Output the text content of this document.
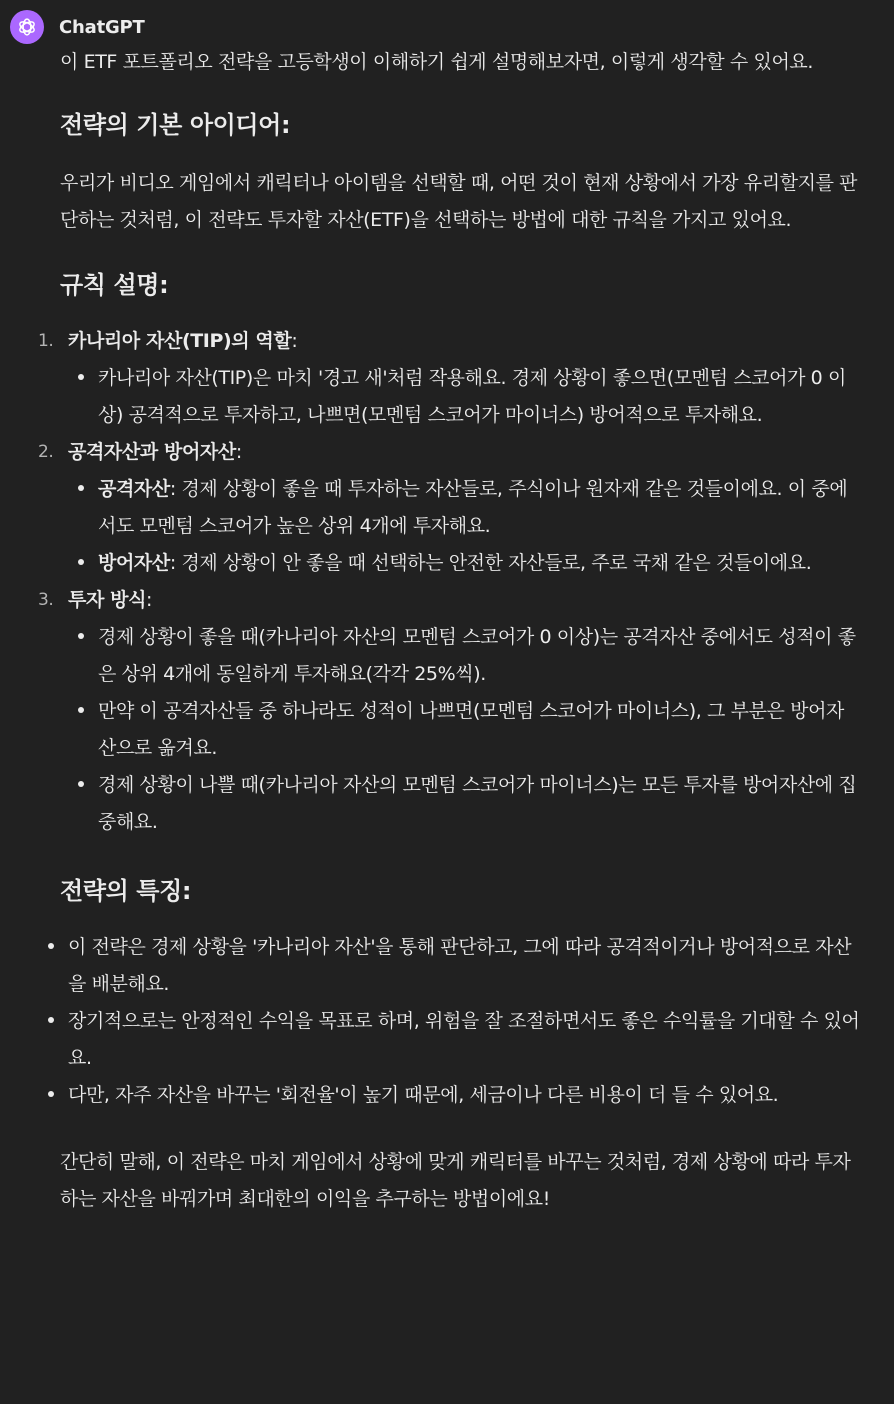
ChatGPT

이 ETF 포트폴리오 전략을 고등학생이 이해하기 쉽게 설명해보자면, 이렇게 생각할 수 있어요.

전략의 기본 아이디어:

우리가 비디오 게임에서 캐릭터나 아이템을 선택할 때, 어떤 것이 현재 상황에서 가장 유리할지를 판단하는 것처럼, 이 전략도 투자할 자산(ETF)을 선택하는 방법에 대한 규칙을 가지고 있어요.

규칙 설명:
1. 카나리아 자산(TIP)의 역할:
카나리아 자산(TIP)은 마치 '경고 새'처럼 작용해요. 경제 상황이 좋으면(모멘텀 스코어가 0 이상) 공격적으로 투자하고, 나쁘면(모멘텀 스코어가 마이너스) 방어적으로 투자해요.
2. 공격자산과 방어자산:
공격자산: 경제 상황이 좋을 때 투자하는 자산들로, 주식이나 원자재 같은 것들이에요. 이 중에서도 모멘텀 스코어가 높은 상위 4개에 투자해요.
방어자산: 경제 상황이 안 좋을 때 선택하는 안전한 자산들로, 주로 국채 같은 것들이에요.
3. 투자 방식:
경제 상황이 좋을 때(카나리아 자산의 모멘텀 스코어가 0 이상)는 공격자산 중에서도 성적이 좋은 상위 4개에 동일하게 투자해요(각각 25%씩).
만약 이 공격자산들 중 하나라도 성적이 나쁘면(모멘텀 스코어가 마이너스), 그 부분은 방어자산으로 옮겨요.
경제 상황이 나쁠 때(카나리아 자산의 모멘텀 스코어가 마이너스)는 모든 투자를 방어자산에 집중해요.
전략의 특징:
이 전략은 경제 상황을 '카나리아 자산'을 통해 판단하고, 그에 따라 공격적이거나 방어적으로 자산을 배분해요.
장기적으로는 안정적인 수익을 목표로 하며, 위험을 잘 조절하면서도 좋은 수익률을 기대할 수 있어요.
다만, 자주 자산을 바꾸는 '회전율'이 높기 때문에, 세금이나 다른 비용이 더 들 수 있어요.

간단히 말해, 이 전략은 마치 게임에서 상황에 맞게 캐릭터를 바꾸는 것처럼, 경제 상황에 따라 투자하는 자산을 바꿔가며 최대한의 이익을 추구하는 방법이에요!
